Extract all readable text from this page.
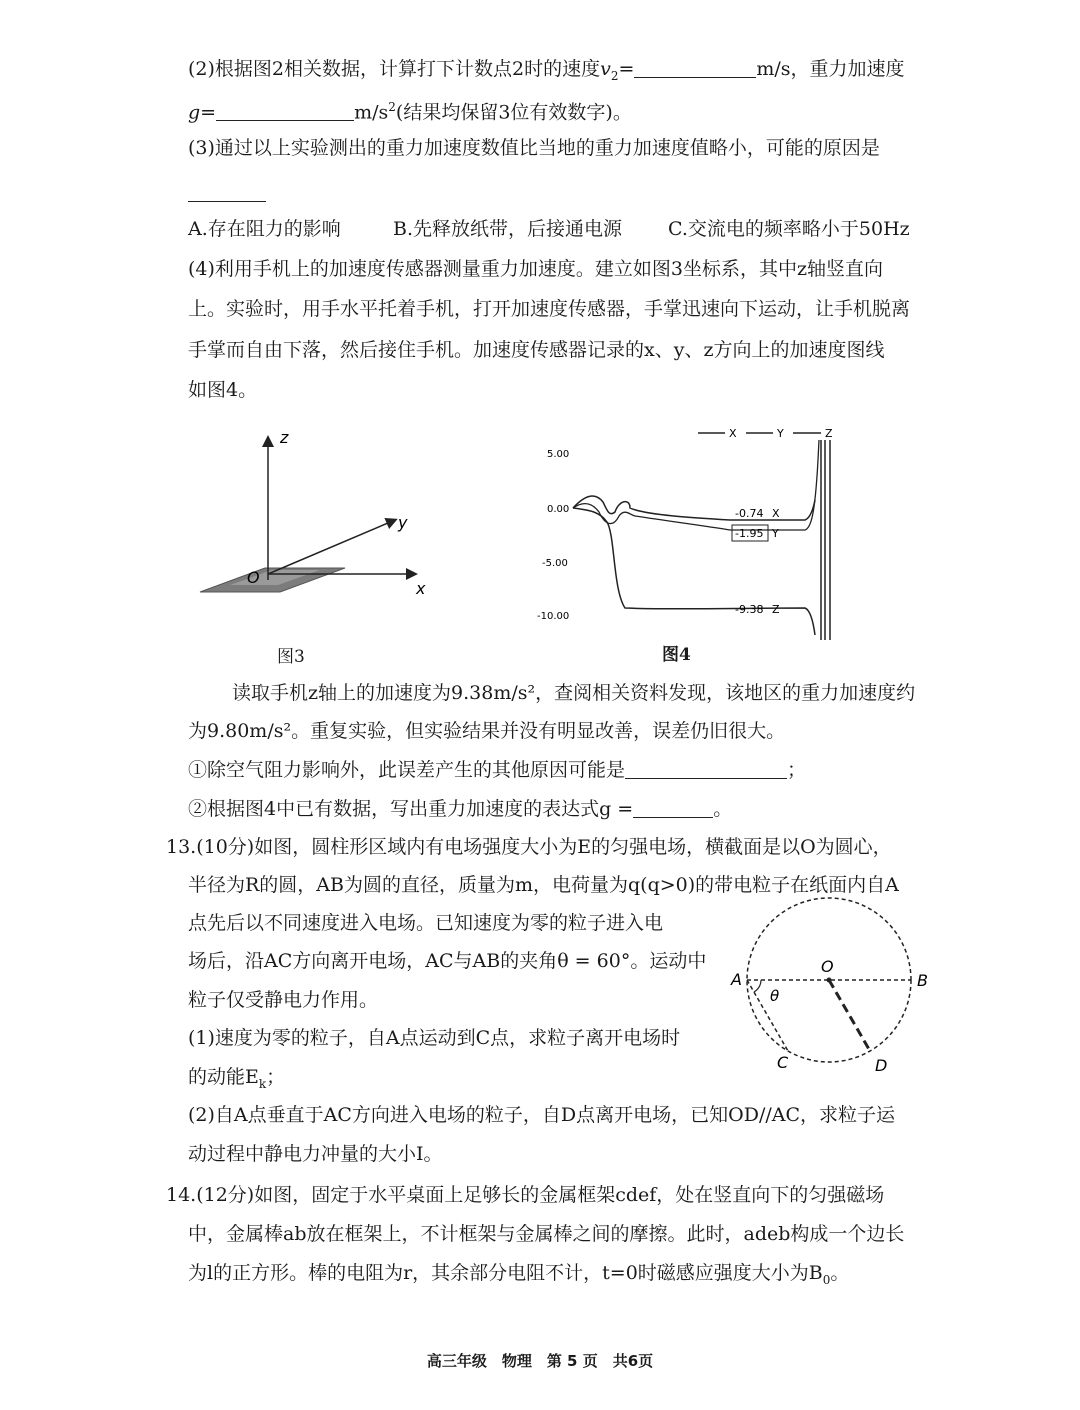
(2)根据图2相关数据，计算打下计数点2时的速度$v_2=$	m/s，重力加速度
g=	$m/s^2$(结果均保留3位有效数字)。
(3)通过以上实验测出的重力加速度数值比当地的重力加速度值略小，可能的原因是
A.存在阻力的影响	B.先释放纸带，后接通电源 C.交流电的频率略小于50Hz
(4)利用手机上的加速度传感器测量重力加速度。建立如图3坐标系，其中z轴竖直向
上。实验时，用手水平托着手机，打开加速度传感器，手掌迅速向下运动，让手机脱离
手掌而自由下落，然后接住手机。加速度传感器记录的x、y、z方向上的加速度图线
如图4。
z
y
x
O
图3
X	Y	Z
5.00
0.00
-5.00
-10.00
-0.74 X
-1.95 Y
-9.38 Z
图4
读取手机z轴上的加速度为9.38m/s²，查阅相关资料发现，该地区的重力加速度约
为9.80m/s²。重复实验，但实验结果并没有明显改善，误差仍旧很大。
①除空气阻力影响外，此误差产生的其他原因可能是	；
②根据图4中已有数据，写出重力加速度的表达式g =	。
13.(10分)如图，圆柱形区域内有电场强度大小为E的匀强电场，横截面是以O为圆心，
半径为R的圆，AB为圆的直径，质量为m，电荷量为q(q>0)的带电粒子在纸面内自A
点先后以不同速度进入电场。已知速度为零的粒子进入电
场后，沿AC方向离开电场，AC与AB的夹角θ = 60°。运动中
粒子仅受静电力作用。
(1)速度为零的粒子，自A点运动到C点，求粒子离开电场时
的动能$E_k$；
(2)自A点垂直于AC方向进入电场的粒子，自D点离开电场，已知OD//AC，求粒子运
动过程中静电力冲量的大小I。
A	B
O
C	D
θ
14.(12分)如图，固定于水平桌面上足够长的金属框架cdef，处在竖直向下的匀强磁场
中，金属棒ab放在框架上，不计框架与金属棒之间的摩擦。此时，adeb构成一个边长
为l的正方形。棒的电阻为r，其余部分电阻不计，t=0时磁感应强度大小为$B_0$。
高三年级　物理　第 5 页　共6页
